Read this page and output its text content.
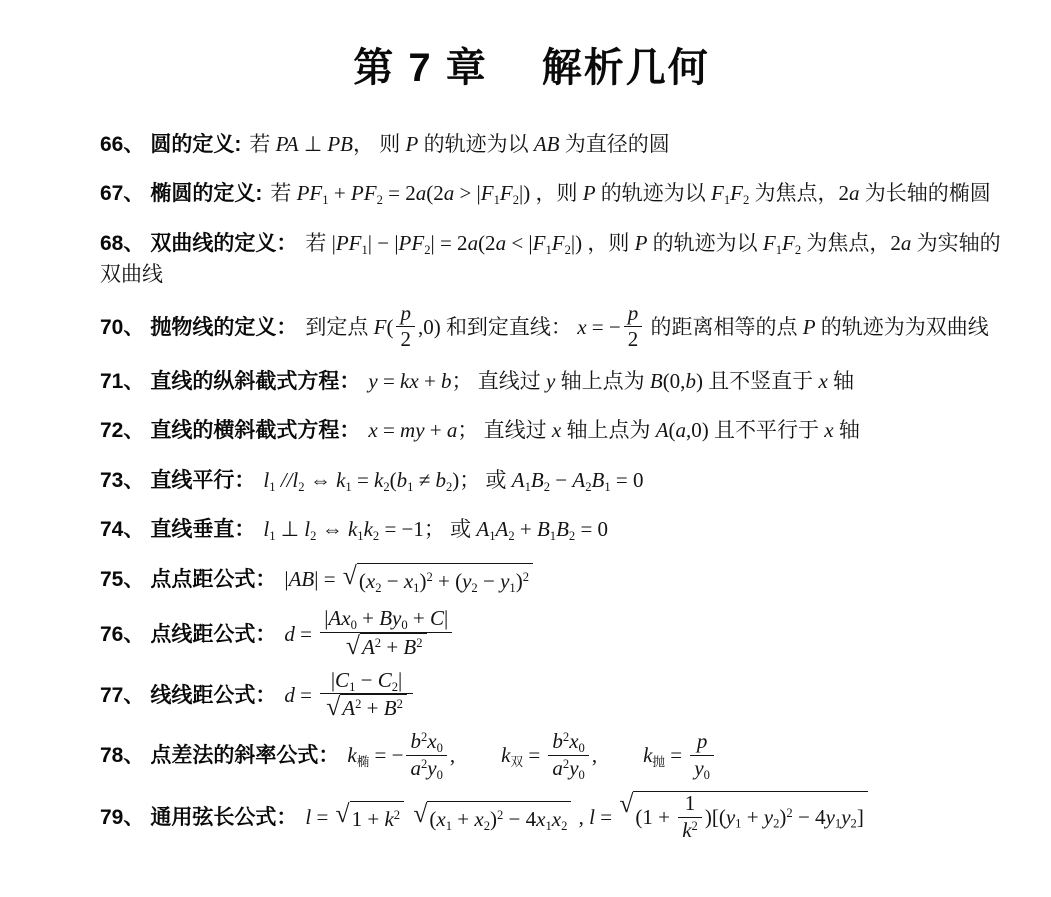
第 7 章 解析几何
66、 圆的定义: 若 PA ⊥ PB， 则 P 的轨迹为以 AB 为直径的圆
67、 椭圆的定义: 若 $PF_1 + PF_2 = 2a(2a > |F_1F_2|)$ ，则 P 的轨迹为以 $F_1F_2$ 为焦点，2a 为长轴的椭圆
68、 双曲线的定义： 若 $|PF_1| - |PF_2| = 2a(2a < |F_1F_2|)$ ，则 P 的轨迹为以 $F_1F_2$ 为焦点，2a 为实轴的双曲线
70、 抛物线的定义： 到定点 $F( \frac{p}{2} ,0)$ 和到定直线： x = − $\frac{p}{2}$ 的距离相等的点 P 的轨迹为为双曲线
71、 直线的纵斜截式方程： y = kx + b； 直线过 y 轴上点为 B(0,b) 且不竖直于 x 轴
72、 直线的横斜截式方程： x = my + a； 直线过 x 轴上点为 A(a,0) 且不平行于 x 轴
73、 直线平行： $l_1$ $//l_2$ ⇔ $k_1 = k_2(b_1 \ne b_2)$； 或 $A_1B_2 - A_2B_1 = 0$
74、 直线垂直： $l_1$ ⊥ $l_2$ ⇔ $k_1k_2 = -1$； 或 $A_1A_2 + B_1B_2 = 0$
75、 点点距公式： |AB| = √ $(x_2 - x_1)^2 + (y_2 - y_1)^2$
76、 点线距公式： $d = \frac{|Ax_0 + By_0 + C|}{√ A^2 + B^2}$
77、 线线距公式： $d = \frac{|C_1 - C_2|}{√ A^2 + B^2}$
78、 点差法的斜率公式： $k_椭$ = − $\frac{b^2x_0}{a^2y_0}$ , $k_双 = \frac{b^2x_0}{a^2y_0}$ , $k_抛 = \frac{p}{y_0}$
79、 通用弦长公式： l = √ $1 + k^2$
√ $(x_1 + x_2)^2 - 4x_1x_2$ , l = √ $(1 + \frac{1}{k^2} )[(y_1 + y_2)^2 - 4y_1y_2]$
